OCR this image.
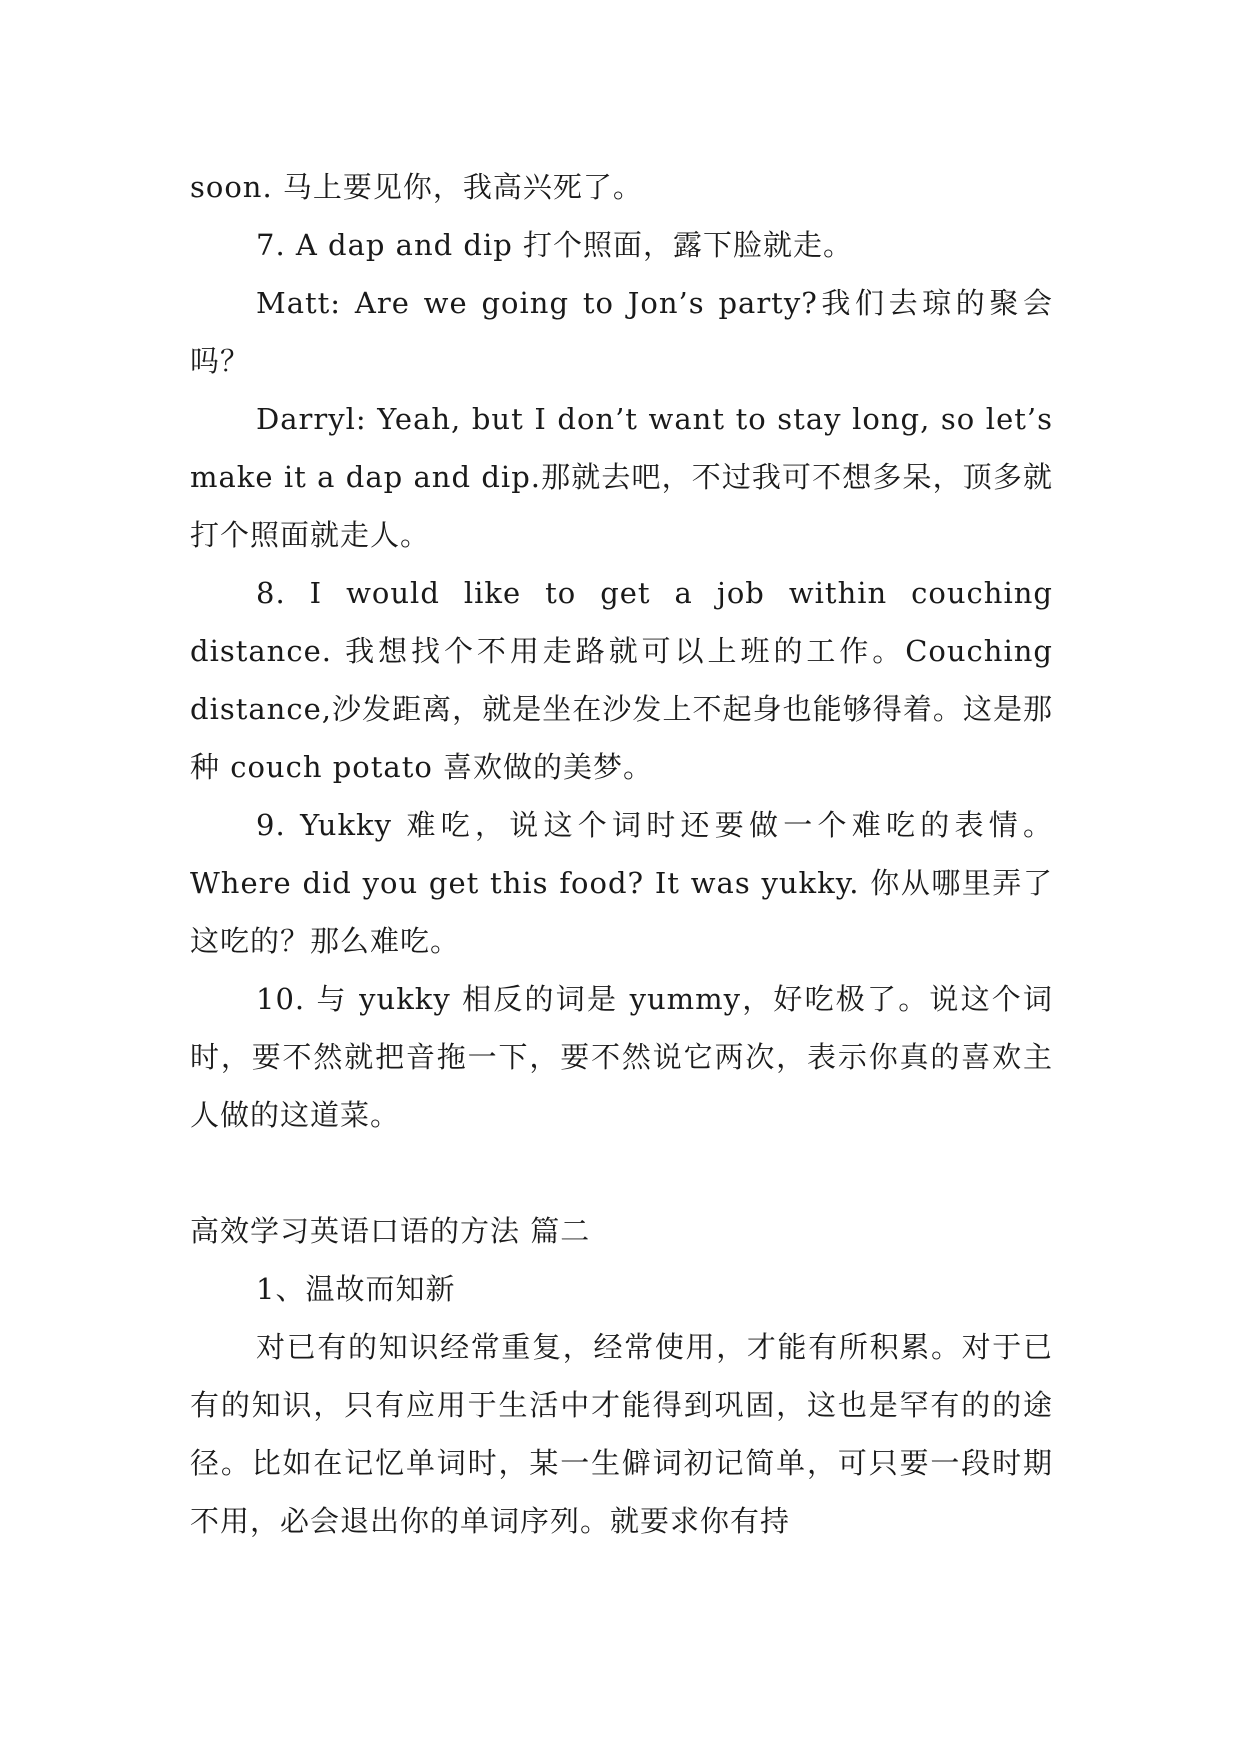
soon. 马上要见你，我高兴死了。

7. A dap and dip 打个照面，露下脸就走。

Matt: Are we going to Jon’s party?我们去琼的聚会吗？

Darryl: Yeah, but I don’t want to stay long, so let’s make it a dap and dip.那就去吧，不过我可不想多呆，顶多就打个照面就走人。

8. I would like to get a job within couching distance. 我想找个不用走路就可以上班的工作。Couching distance,沙发距离，就是坐在沙发上不起身也能够得着。这是那种 couch potato 喜欢做的美梦。

9. Yukky 难吃，说这个词时还要做一个难吃的表情。Where did you get this food? It was yukky. 你从哪里弄了这吃的？那么难吃。

10. 与 yukky 相反的词是 yummy，好吃极了。说这个词时，要不然就把音拖一下，要不然说它两次，表示你真的喜欢主人做的这道菜。

高效学习英语口语的方法 篇二

1、温故而知新

对已有的知识经常重复，经常使用，才能有所积累。对于已有的知识，只有应用于生活中才能得到巩固，这也是罕有的的途径。比如在记忆单词时，某一生僻词初记简单，可只要一段时期不用，必会退出你的单词序列。就要求你有持
